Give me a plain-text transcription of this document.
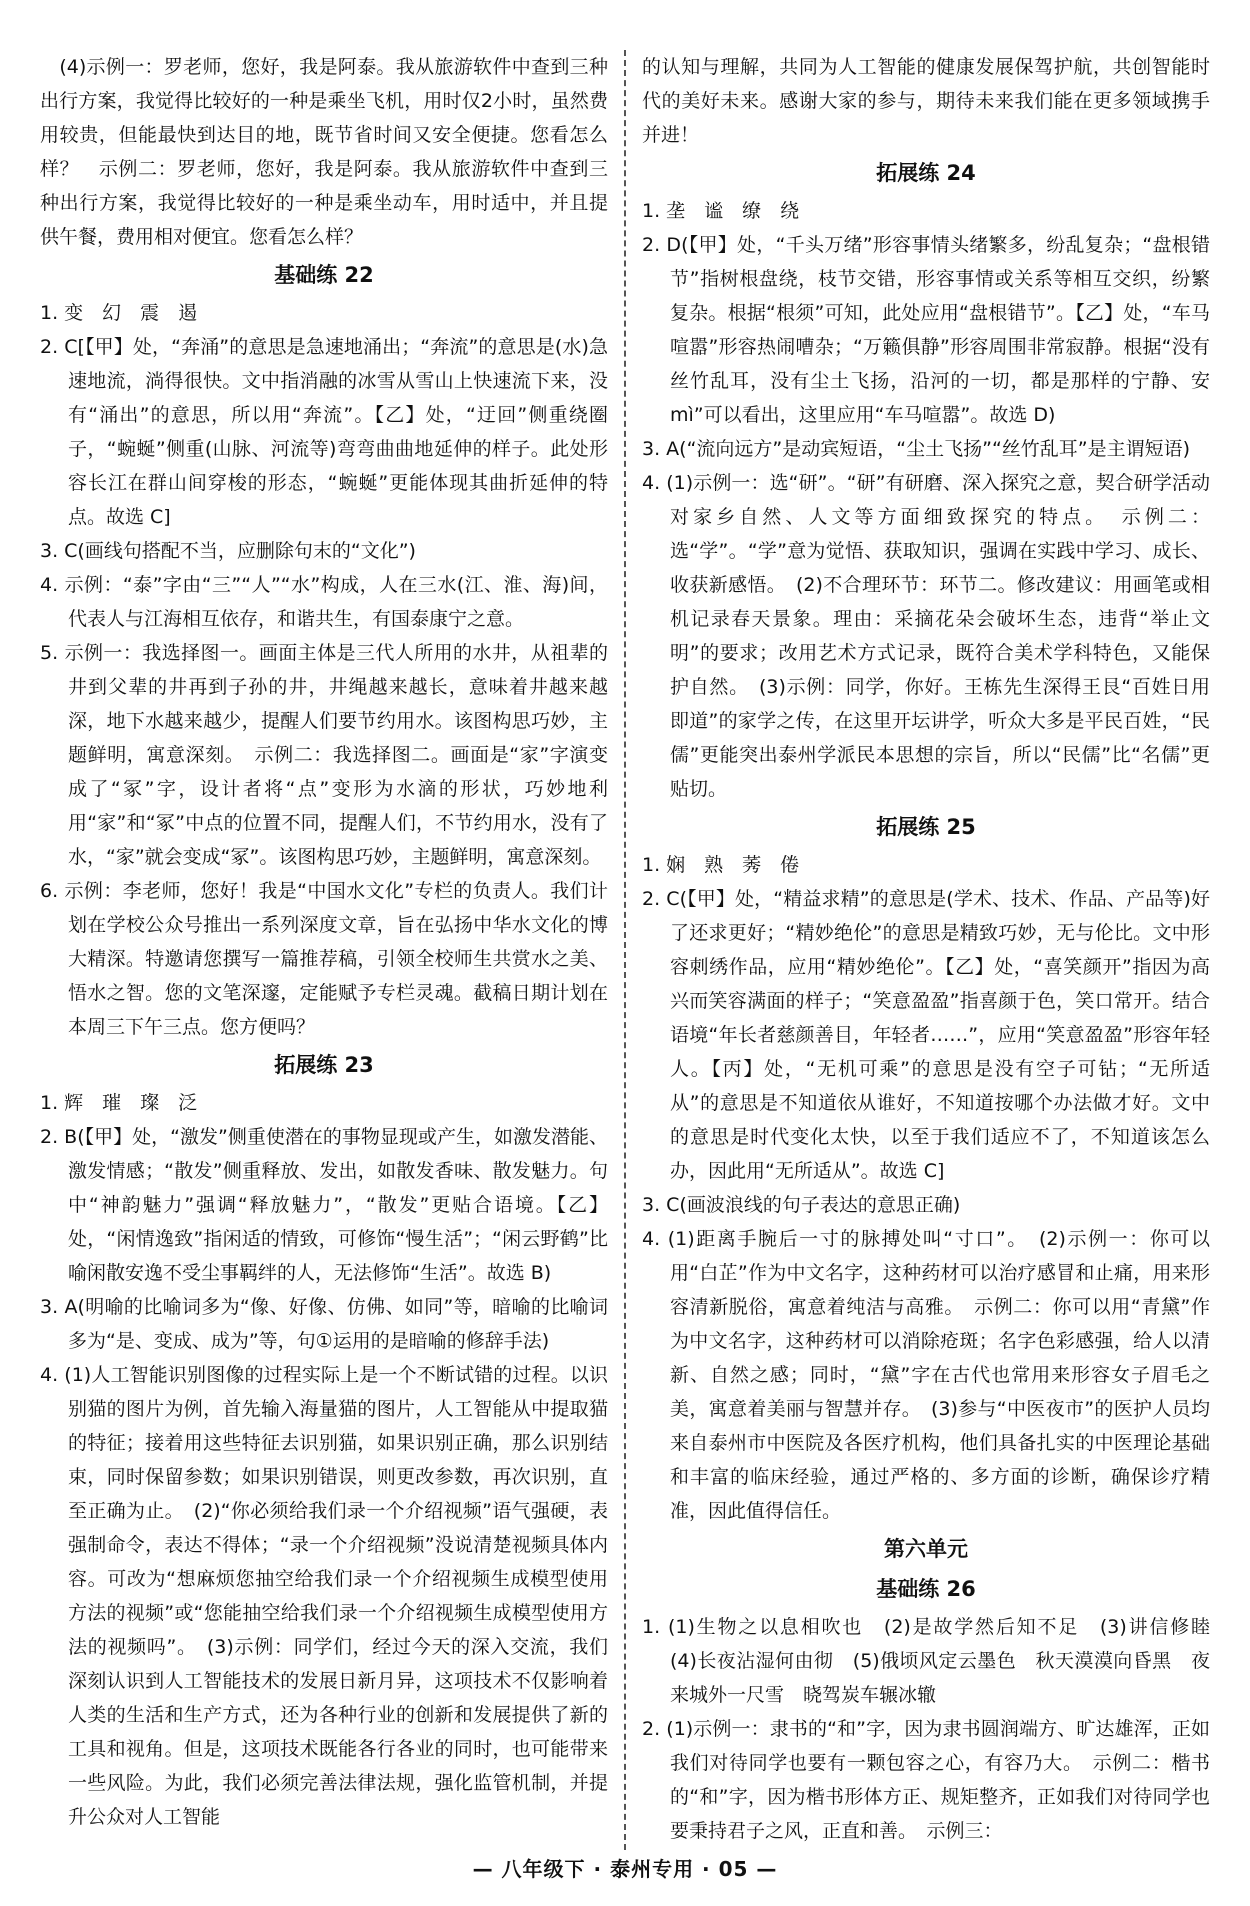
　(4)示例一：罗老师，您好，我是阿泰。我从旅游软件中查到三种出行方案，我觉得比较好的一种是乘坐飞机，用时仅2小时，虽然费用较贵，但能最快到达目的地，既节省时间又安全便捷。您看怎么样？　示例二：罗老师，您好，我是阿泰。我从旅游软件中查到三种出行方案，我觉得比较好的一种是乘坐动车，用时适中，并且提供午餐，费用相对便宜。您看怎么样？
基础练 22
1. 变　幻　震　遏
2. C[【甲】处，“奔涌”的意思是急速地涌出；“奔流”的意思是(水)急速地流，淌得很快。文中指消融的冰雪从雪山上快速流下来，没有“涌出”的意思，所以用“奔流”。【乙】处，“迂回”侧重绕圈子，“蜿蜒”侧重(山脉、河流等)弯弯曲曲地延伸的样子。此处形容长江在群山间穿梭的形态，“蜿蜒”更能体现其曲折延伸的特点。故选 C]
3. C(画线句搭配不当，应删除句末的“文化”)
4. 示例：“泰”字由“三”“人”“水”构成，人在三水(江、淮、海)间，代表人与江海相互依存，和谐共生，有国泰康宁之意。
5. 示例一：我选择图一。画面主体是三代人所用的水井，从祖辈的井到父辈的井再到子孙的井，井绳越来越长，意味着井越来越深，地下水越来越少，提醒人们要节约用水。该图构思巧妙，主题鲜明，寓意深刻。　示例二：我选择图二。画面是“家”字演变成了“冢”字，设计者将“点”变形为水滴的形状，巧妙地利用“家”和“冢”中点的位置不同，提醒人们，不节约用水，没有了水，“家”就会变成“冢”。该图构思巧妙，主题鲜明，寓意深刻。
6. 示例：李老师，您好！我是“中国水文化”专栏的负责人。我们计划在学校公众号推出一系列深度文章，旨在弘扬中华水文化的博大精深。特邀请您撰写一篇推荐稿，引领全校师生共赏水之美、悟水之智。您的文笔深邃，定能赋予专栏灵魂。截稿日期计划在本周三下午三点。您方便吗？
拓展练 23
1. 辉　璀　璨　泛
2. B(【甲】处，“激发”侧重使潜在的事物显现或产生，如激发潜能、激发情感；“散发”侧重释放、发出，如散发香味、散发魅力。句中“神韵魅力”强调“释放魅力”，“散发”更贴合语境。【乙】处，“闲情逸致”指闲适的情致，可修饰“慢生活”；“闲云野鹤”比喻闲散安逸不受尘事羁绊的人，无法修饰“生活”。故选 B)
3. A(明喻的比喻词多为“像、好像、仿佛、如同”等，暗喻的比喻词多为“是、变成、成为”等，句①运用的是暗喻的修辞手法)
4. (1)人工智能识别图像的过程实际上是一个不断试错的过程。以识别猫的图片为例，首先输入海量猫的图片，人工智能从中提取猫的特征；接着用这些特征去识别猫，如果识别正确，那么识别结束，同时保留参数；如果识别错误，则更改参数，再次识别，直至正确为止。　(2)“你必须给我们录一个介绍视频”语气强硬，表强制命令，表达不得体；“录一个介绍视频”没说清楚视频具体内容。可改为“想麻烦您抽空给我们录一个介绍视频生成模型使用方法的视频”或“您能抽空给我们录一个介绍视频生成模型使用方法的视频吗”。　(3)示例：同学们，经过今天的深入交流，我们深刻认识到人工智能技术的发展日新月异，这项技术不仅影响着人类的生活和生产方式，还为各种行业的创新和发展提供了新的工具和视角。但是，这项技术既能各行各业的同时，也可能带来一些风险。为此，我们必须完善法律法规，强化监管机制，并提升公众对人工智能
的认知与理解，共同为人工智能的健康发展保驾护航，共创智能时代的美好未来。感谢大家的参与，期待未来我们能在更多领域携手并进！
拓展练 24
1. 垄　谧　缭　绕
2. D(【甲】处，“千头万绪”形容事情头绪繁多，纷乱复杂；“盘根错节”指树根盘绕，枝节交错，形容事情或关系等相互交织，纷繁复杂。根据“根须”可知，此处应用“盘根错节”。【乙】处，“车马喧嚣”形容热闹嘈杂；“万籁俱静”形容周围非常寂静。根据“没有丝竹乱耳，没有尘土飞扬，沿河的一切，都是那样的宁静、安 mì”可以看出，这里应用“车马喧嚣”。故选 D)
3. A(“流向远方”是动宾短语，“尘土飞扬”“丝竹乱耳”是主谓短语)
4. (1)示例一：选“研”。“研”有研磨、深入探究之意，契合研学活动对家乡自然、人文等方面细致探究的特点。　示例二：选“学”。“学”意为觉悟、获取知识，强调在实践中学习、成长、收获新感悟。　(2)不合理环节：环节二。修改建议：用画笔或相机记录春天景象。理由：采摘花朵会破坏生态，违背“举止文明”的要求；改用艺术方式记录，既符合美术学科特色，又能保护自然。　(3)示例：同学，你好。王栋先生深得王艮“百姓日用即道”的家学之传，在这里开坛讲学，听众大多是平民百姓，“民儒”更能突出泰州学派民本思想的宗旨，所以“民儒”比“名儒”更贴切。
拓展练 25
1. 娴　熟　莠　倦
2. C(【甲】处，“精益求精”的意思是(学术、技术、作品、产品等)好了还求更好；“精妙绝伦”的意思是精致巧妙，无与伦比。文中形容刺绣作品，应用“精妙绝伦”。【乙】处，“喜笑颜开”指因为高兴而笑容满面的样子；“笑意盈盈”指喜颜于色，笑口常开。结合语境“年长者慈颜善目，年轻者……”，应用“笑意盈盈”形容年轻人。【丙】处，“无机可乘”的意思是没有空子可钻；“无所适从”的意思是不知道依从谁好，不知道按哪个办法做才好。文中的意思是时代变化太快，以至于我们适应不了，不知道该怎么办，因此用“无所适从”。故选 C]
3. C(画波浪线的句子表达的意思正确)
4. (1)距离手腕后一寸的脉搏处叫“寸口”。　(2)示例一：你可以用“白芷”作为中文名字，这种药材可以治疗感冒和止痛，用来形容清新脱俗，寓意着纯洁与高雅。　示例二：你可以用“青黛”作为中文名字，这种药材可以消除疮斑；名字色彩感强，给人以清新、自然之感；同时，“黛”字在古代也常用来形容女子眉毛之美，寓意着美丽与智慧并存。　(3)参与“中医夜市”的医护人员均来自泰州市中医院及各医疗机构，他们具备扎实的中医理论基础和丰富的临床经验，通过严格的、多方面的诊断，确保诊疗精准，因此值得信任。
第六单元
基础练 26
1. (1)生物之以息相吹也　(2)是故学然后知不足　(3)讲信修睦　(4)长夜沾湿何由彻　(5)俄顷风定云墨色　秋天漠漠向昏黑　夜来城外一尺雪　晓驾炭车辗冰辙
2. (1)示例一：隶书的“和”字，因为隶书圆润端方、旷达雄浑，正如我们对待同学也要有一颗包容之心，有容乃大。　示例二：楷书的“和”字，因为楷书形体方正、规矩整齐，正如我们对待同学也要秉持君子之风，正直和善。　示例三：
— 八年级下 · 泰州专用 · 05 —
